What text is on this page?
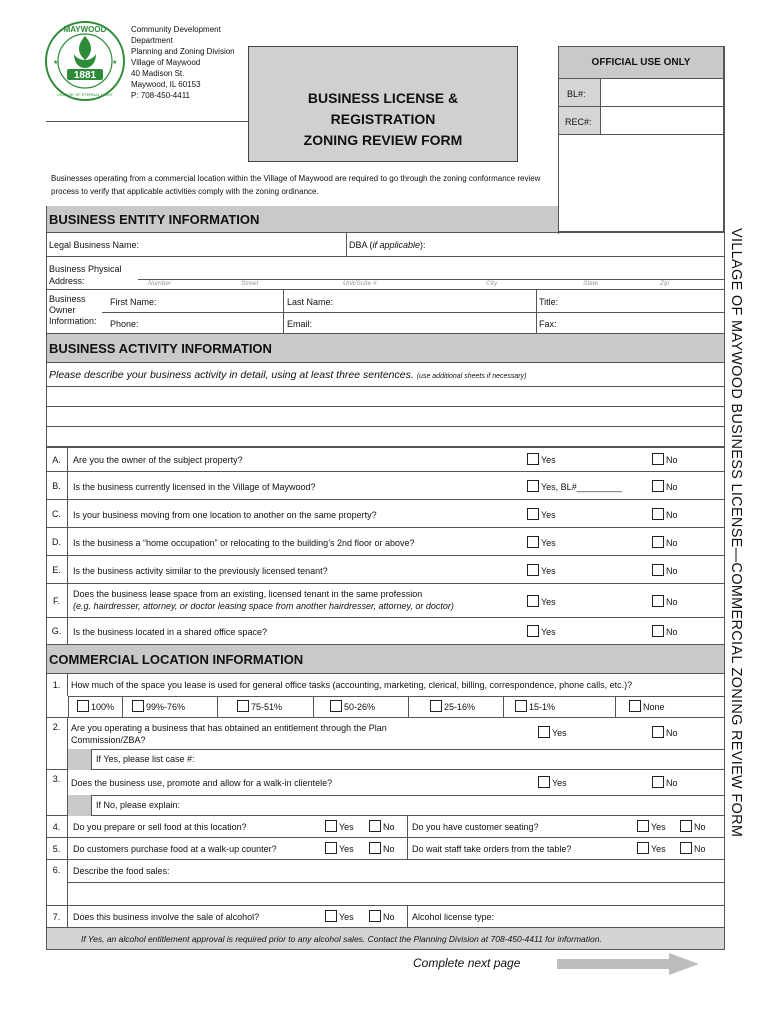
1881
MAYWOOD
VILLAGE OF ETERNAL LIGHT
★	★
Community Development
Department
Planning and Zoning Division
Village of Maywood
40 Madison St.
Maywood, IL 60153
P: 708-450-4411	BUSINESS LICENSE &
REGISTRATION
ZONING REVIEW FORM
OFFICIAL USE ONLY
BL#:
REC#:
Businesses operating from a commercial location within the Village of Maywood are required to go through the zoning conformance review process to verify that applicable activities comply with the zoning ordinance.
VILLAGE OF MAYWOOD BUSINESS LICENSE—COMMERCIAL ZONING REVIEW FORM
BUSINESS ENTITY INFORMATION
Legal Business Name:	DBA (if applicable):
Business Physical
Address:	Number	Street	Unit/Suite #	City	State	Zip
Business
Owner
Information:
First Name:	Last Name:	Title:
Phone:	Email:	Fax:
BUSINESS ACTIVITY INFORMATION
Please describe your business activity in detail, using at least three sentences. (use additional sheets if necessary)
A.	Are you the owner of the subject property?	Yes	No
B.	Is the business currently licensed in the Village of Maywood?	Yes, BL#_________	No
C.	Is your business moving from one location to another on the same property?	Yes	No
D.	Is the business a “home occupation” or relocating to the building’s 2nd floor or above?	Yes	No
E.	Is the business activity similar to the previously licensed tenant?	Yes	No
F.
Does the business lease space from an existing, licensed tenant in the same profession
(e.g. hairdresser, attorney, or doctor leasing space from another hairdresser, attorney, or doctor)	Yes	No
G.	Is the business located in a shared office space?	Yes	No
COMMERCIAL LOCATION INFORMATION
1.	How much of the space you lease is used for general office tasks (accounting, marketing, clerical, billing, correspondence, phone calls, etc.)?
100%	99%-76%	75-51%	50-26%	25-16%	15-1%	None
2.	Are you operating a business that has obtained an entitlement through the Plan
Commission/ZBA?
Yes	No
If Yes, please list case #:
3.	Does the business use, promote and allow for a walk-in clientele?	Yes	No
If No, please explain:
4.	Do you prepare or sell food at this location?	Yes	No Do you have customer seating?	Yes	No
5.	Do customers purchase food at a walk-up counter?	Yes	No Do wait staff take orders from the table?	Yes	No
6.	Describe the food sales:
7.	Does this business involve the sale of alcohol?	Yes	No Alcohol license type:
If Yes, an alcohol entitlement approval is required prior to any alcohol sales. Contact the Planning Division at 708-450-4411 for information.
Complete next page
